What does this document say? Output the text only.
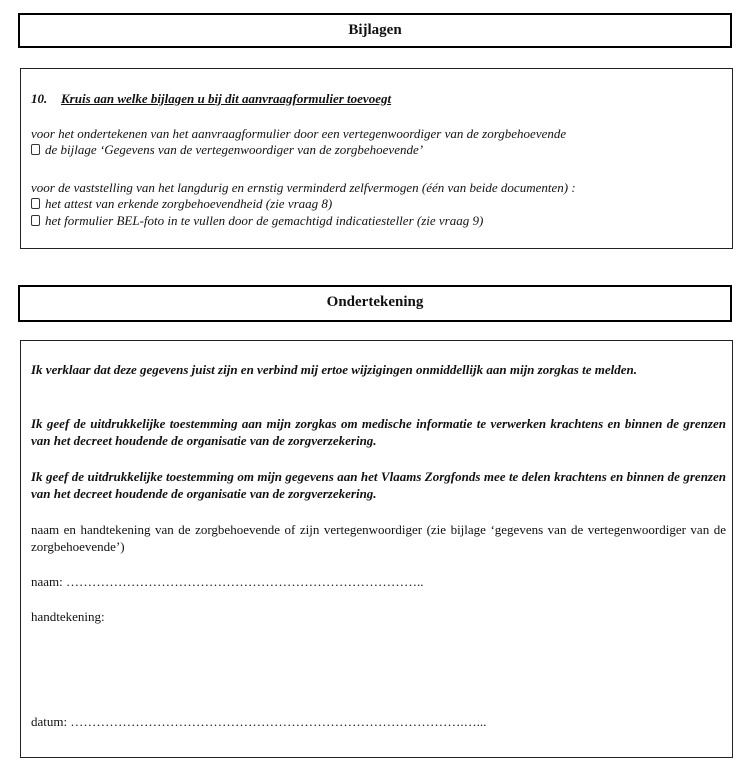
Bijlagen
10. Kruis aan welke bijlagen u bij dit aanvraagformulier toevoegt
voor het ondertekenen van het aanvraagformulier door een vertegenwoordiger van de zorgbehoevende
de bijlage ‘Gegevens van de vertegenwoordiger van de zorgbehoevende’
voor de vaststelling van het langdurig en ernstig verminderd zelfvermogen (één van beide documenten) :
het attest van erkende zorgbehoevendheid (zie vraag 8)
het formulier BEL-foto in te vullen door de gemachtigd indicatiesteller (zie vraag 9)
Ondertekening
Ik verklaar dat deze gegevens juist zijn en verbind mij ertoe wijzigingen onmiddellijk aan mijn zorgkas te melden.
Ik geef de uitdrukkelijke toestemming aan mijn zorgkas om medische informatie te verwerken krachtens en binnen de grenzen van het decreet houdende de organisatie van de zorgverzekering.
Ik geef de uitdrukkelijke toestemming om mijn gegevens aan het Vlaams Zorgfonds mee te delen krachtens en binnen de grenzen van het decreet houdende de organisatie van de zorgverzekering.
naam en handtekening van de zorgbehoevende of zijn vertegenwoordiger (zie bijlage ‘gegevens van de vertegenwoordiger van de zorgbehoevende’)
naam: ………………………………………………………………………..
handtekening:
datum: ……………………………………………………………………………….…...
